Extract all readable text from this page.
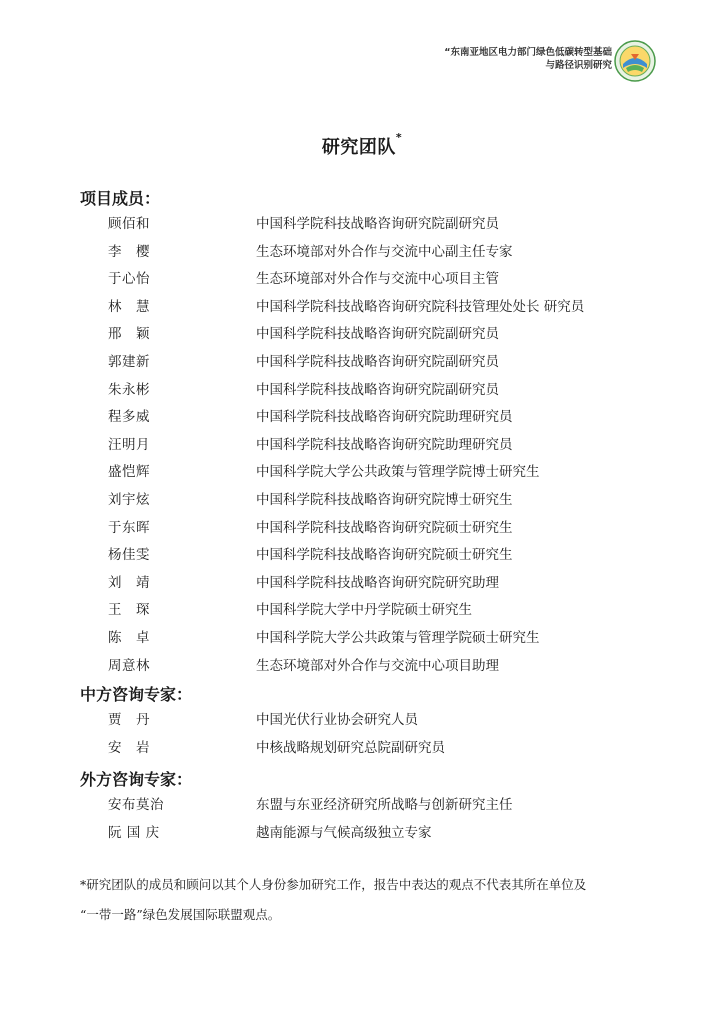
“东南亚地区电力部门绿色低碳转型基础
与路径识别研究
研究团队*
项目成员：
顾佰和	中国科学院科技战略咨询研究院副研究员
李　樱	生态环境部对外合作与交流中心副主任专家
于心怡	生态环境部对外合作与交流中心项目主管
林　慧	中国科学院科技战略咨询研究院科技管理处处长 研究员
邢　颖	中国科学院科技战略咨询研究院副研究员
郭建新	中国科学院科技战略咨询研究院副研究员
朱永彬	中国科学院科技战略咨询研究院副研究员
程多威	中国科学院科技战略咨询研究院助理研究员
汪明月	中国科学院科技战略咨询研究院助理研究员
盛恺辉	中国科学院大学公共政策与管理学院博士研究生
刘宇炫	中国科学院科技战略咨询研究院博士研究生
于东晖	中国科学院科技战略咨询研究院硕士研究生
杨佳雯	中国科学院科技战略咨询研究院硕士研究生
刘　靖	中国科学院科技战略咨询研究院研究助理
王　琛	中国科学院大学中丹学院硕士研究生
陈　卓	中国科学院大学公共政策与管理学院硕士研究生
周意林	生态环境部对外合作与交流中心项目助理
中方咨询专家：
贾　丹	中国光伏行业协会研究人员
安　岩	中核战略规划研究总院副研究员
外方咨询专家：
安布莫治	东盟与东亚经济研究所战略与创新研究主任
阮 国 庆	越南能源与气候高级独立专家
*研究团队的成员和顾问以其个人身份参加研究工作，报告中表达的观点不代表其所在单位及
“一带一路”绿色发展国际联盟观点。
